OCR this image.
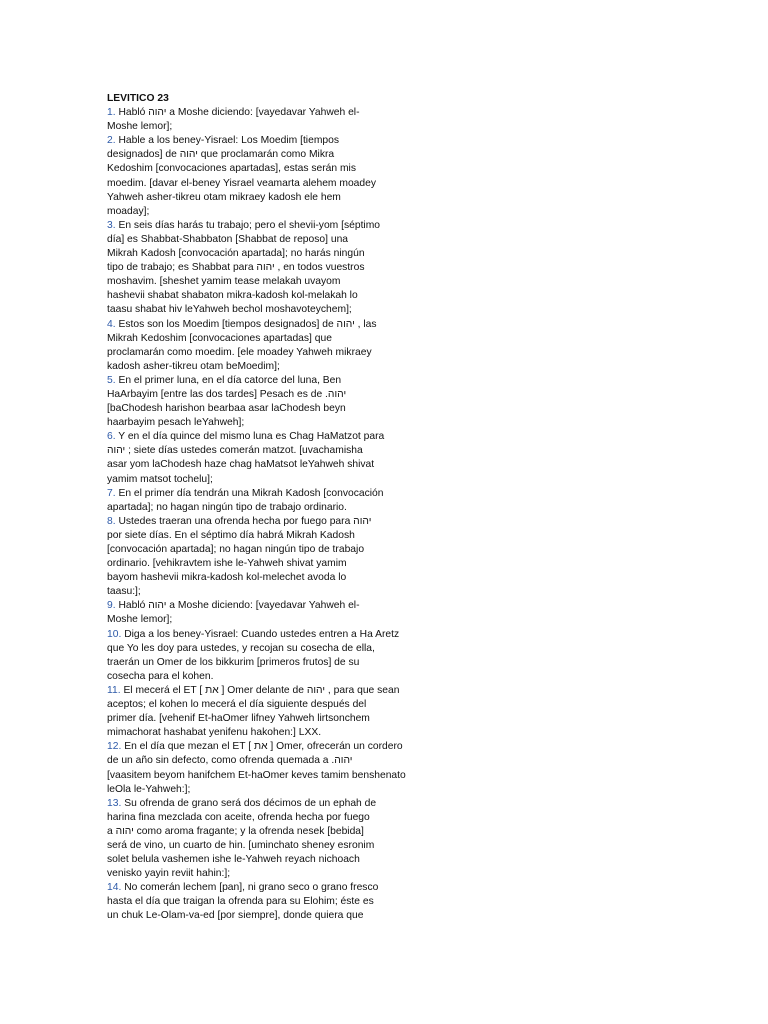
LEVITICO 23
1. Habló יהוה a Moshe diciendo: [vayedavar Yahweh el-
Moshe lemor];
2. Hable a los beney-Yisrael: Los Moedim [tiempos
designados] de יהוה que proclamarán como Mikra
Kedoshim [convocaciones apartadas], estas serán mis
moedim. [davar el-beney Yisrael veamarta alehem moadey
Yahweh asher-tikreu otam mikraey kadosh ele hem
moaday];
3. En seis días harás tu trabajo; pero el shevii-yom [séptimo
día] es Shabbat-Shabbaton [Shabbat de reposo] una
Mikrah Kadosh [convocación apartada]; no harás ningún
tipo de trabajo; es Shabbat para יהוה , en todos vuestros
moshavim. [sheshet yamim tease melakah uvayom
hashevii shabat shabaton mikra-kadosh kol-melakah lo
taasu shabat hiv leYahweh bechol moshavoteychem];
4. Estos son los Moedim [tiempos designados] de יהוה , las
Mikrah Kedoshim [convocaciones apartadas] que
proclamarán como moedim. [ele moadey Yahweh mikraey
kadosh asher-tikreu otam beMoedim];
5. En el primer luna, en el día catorce del luna, Ben
HaArbayim [entre las dos tardes] Pesach es de .יהוה
[baChodesh harishon bearbaa asar laChodesh beyn
haarbayim pesach leYahweh];
6. Y en el día quince del mismo luna es Chag HaMatzot para
יהוה ; siete días ustedes comerán matzot. [uvachamisha
asar yom laChodesh haze chag haMatsot leYahweh shivat
yamim matsot tochelu];
7. En el primer día tendrán una Mikrah Kadosh [convocación
apartada]; no hagan ningún tipo de trabajo ordinario.
8. Ustedes traeran una ofrenda hecha por fuego para יהוה
por siete días. En el séptimo día habrá Mikrah Kadosh
[convocación apartada]; no hagan ningún tipo de trabajo
ordinario. [vehikravtem ishe le-Yahweh shivat yamim
bayom hashevii mikra-kadosh kol-melechet avoda lo
taasu:];
9. Habló יהוה a Moshe diciendo: [vayedavar Yahweh el-
Moshe lemor];
10. Diga a los beney-Yisrael: Cuando ustedes entren a Ha Aretz
que Yo les doy para ustedes, y recojan su cosecha de ella,
traerán un Omer de los bikkurim [primeros frutos] de su
cosecha para el kohen.
11. El mecerá el ET [ את ] Omer delante de יהוה , para que sean
aceptos; el kohen lo mecerá el día siguiente después del
primer día. [vehenif Et-haOmer lifney Yahweh lirtsonchem
mimachorat hashabat yenifenu hakohen:] LXX.
12. En el día que mezan el ET [ את ] Omer, ofrecerán un cordero
de un año sin defecto, como ofrenda quemada a .יהוה
[vaasitem beyom hanifchem Et-haOmer keves tamim benshenato
leOla le-Yahweh:];
13. Su ofrenda de grano será dos décimos de un ephah de
harina fina mezclada con aceite, ofrenda hecha por fuego
a יהוה como aroma fragante; y la ofrenda nesek [bebida]
será de vino, un cuarto de hin. [uminchato sheney esronim
solet belula vashemen ishe le-Yahweh reyach nichoach
venisko yayin reviit hahin:];
14. No comerán lechem [pan], ni grano seco o grano fresco
hasta el día que traigan la ofrenda para su Elohim; éste es
un chuk Le-Olam-va-ed [por siempre], donde quiera que
